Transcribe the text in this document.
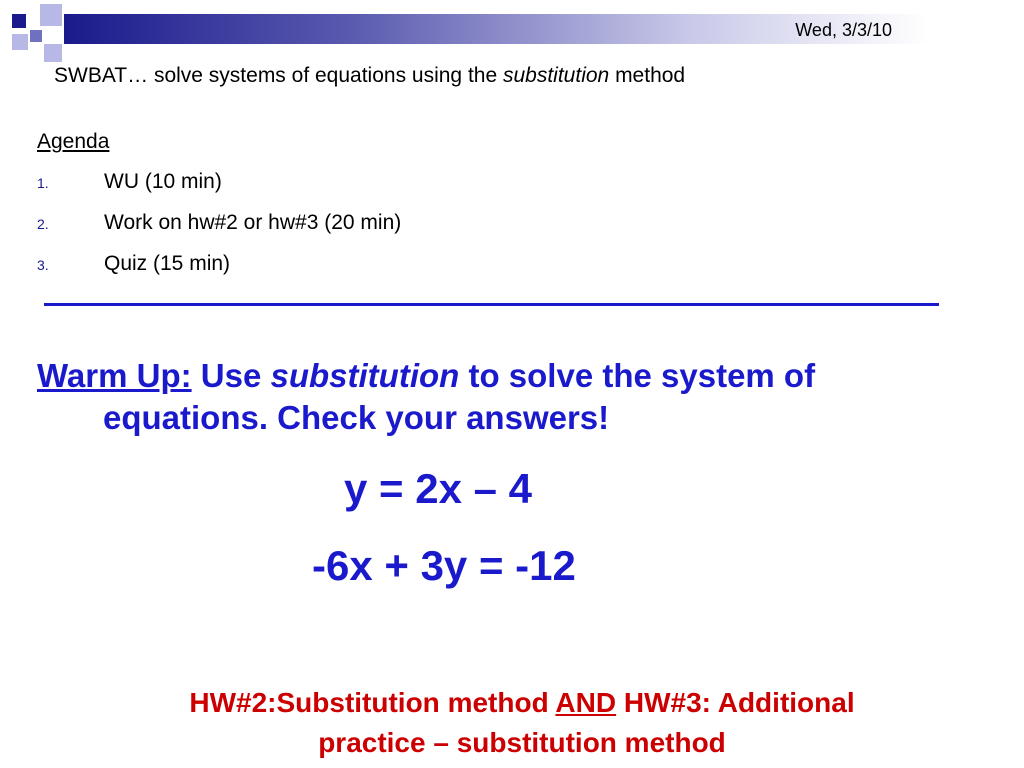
Wed, 3/3/10
SWBAT… solve systems of equations using the substitution method
Agenda
1.	WU (10 min)
2.	Work on hw#2 or hw#3 (20 min)
3.	Quiz (15 min)
Warm Up: Use substitution to solve the system of
equations. Check your answers!
y = 2x – 4
-6x + 3y = -12
HW#2:Substitution method AND HW#3: Additional
practice – substitution method
